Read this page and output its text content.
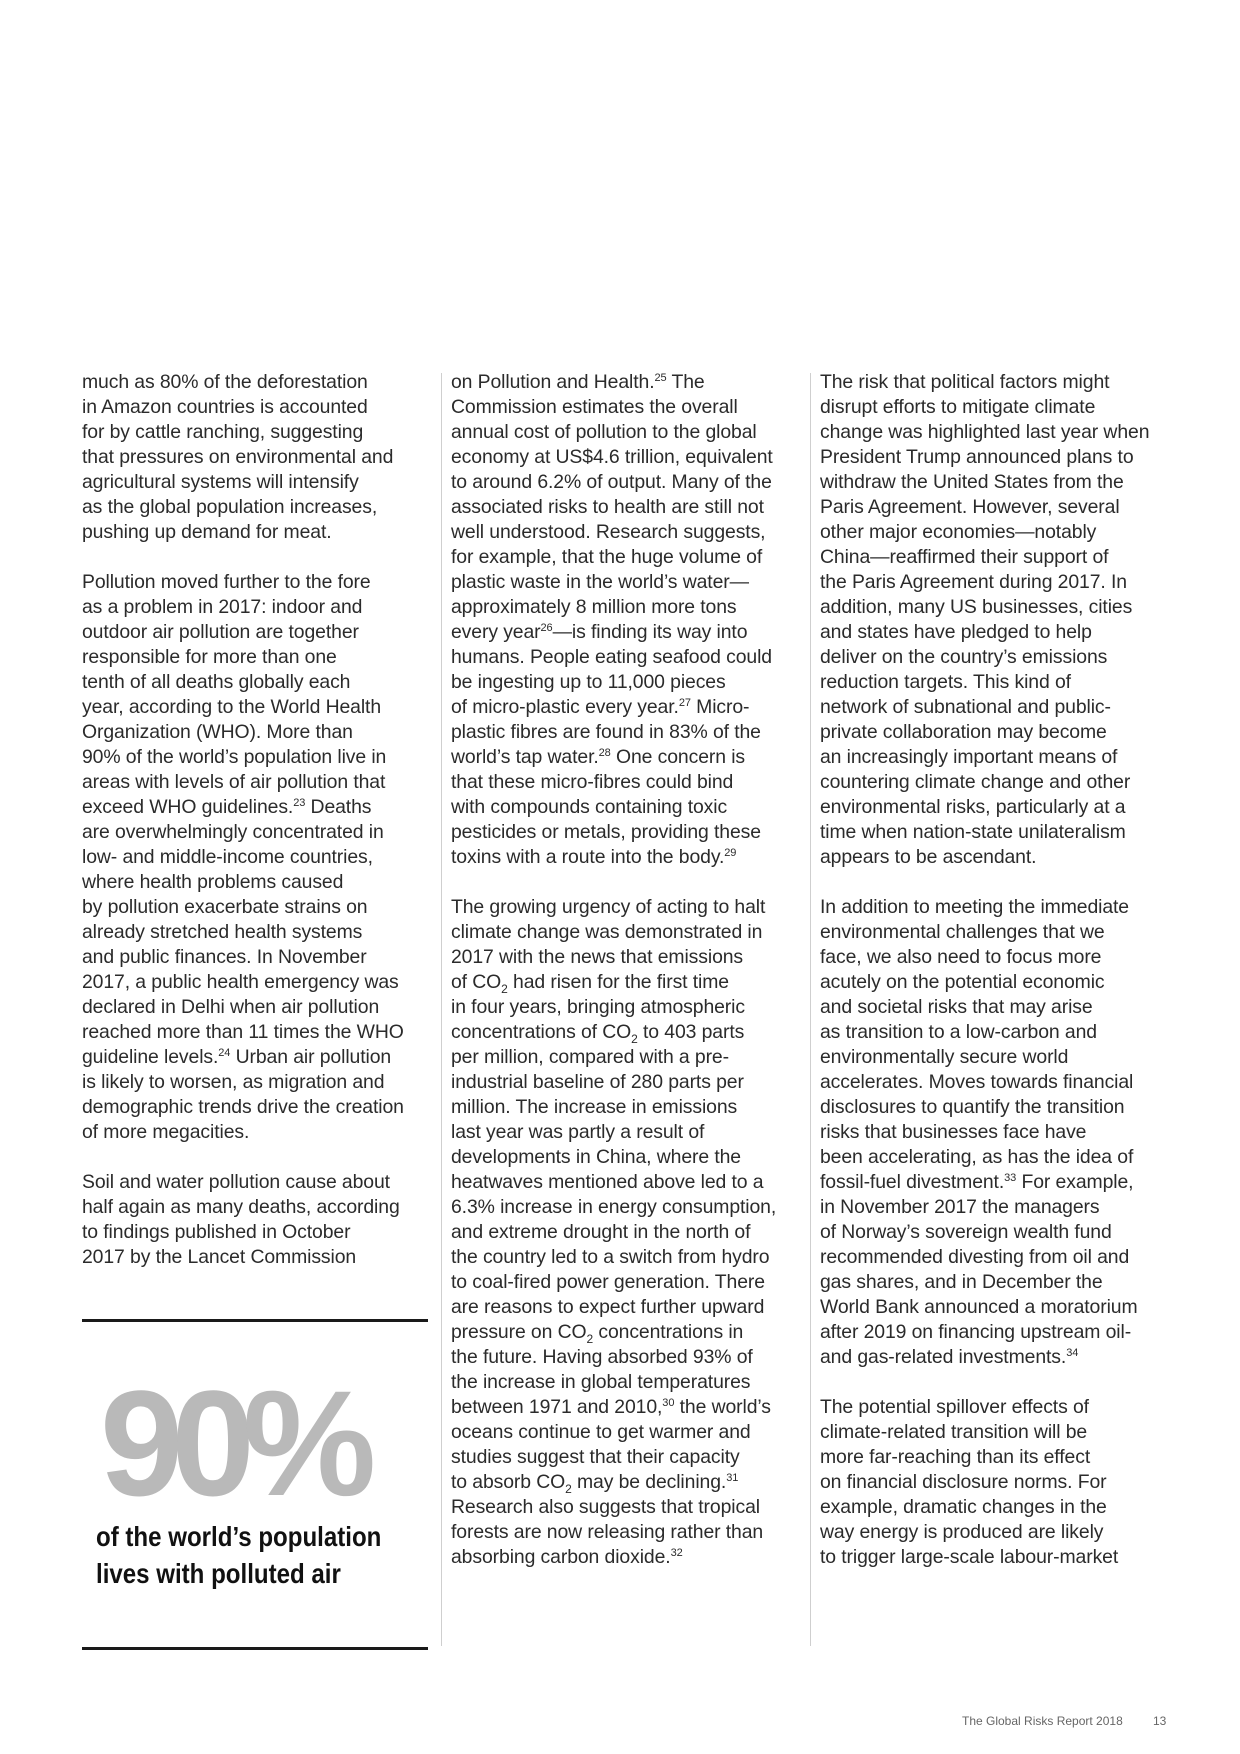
much as 80% of the deforestation
in Amazon countries is accounted
for by cattle ranching, suggesting
that pressures on environmental and
agricultural systems will intensify
as the global population increases,
pushing up demand for meat.

Pollution moved further to the fore
as a problem in 2017: indoor and
outdoor air pollution are together
responsible for more than one
tenth of all deaths globally each
year, according to the World Health
Organization (WHO). More than
90% of the world’s population live in
areas with levels of air pollution that
exceed WHO guidelines.$^{23}$ Deaths
are overwhelmingly concentrated in
low- and middle-income countries,
where health problems caused
by pollution exacerbate strains on
already stretched health systems
and public finances. In November
2017, a public health emergency was
declared in Delhi when air pollution
reached more than 11 times the WHO
guideline levels.$^{24}$ Urban air pollution
is likely to worsen, as migration and
demographic trends drive the creation
of more megacities.

Soil and water pollution cause about
half again as many deaths, according
to findings published in October
2017 by the Lancet Commission

on Pollution and Health.$^{25}$ The
Commission estimates the overall
annual cost of pollution to the global
economy at US$4.6 trillion, equivalent
to around 6.2% of output. Many of the
associated risks to health are still not
well understood. Research suggests,
for example, that the huge volume of
plastic waste in the world’s water—
approximately 8 million more tons
every year$^{26}$—is finding its way into
humans. People eating seafood could
be ingesting up to 11,000 pieces
of micro-plastic every year.$^{27}$ Micro-
plastic fibres are found in 83% of the
world’s tap water.$^{28}$ One concern is
that these micro-fibres could bind
with compounds containing toxic
pesticides or metals, providing these
toxins with a route into the body.$^{29}$

The growing urgency of acting to halt
climate change was demonstrated in
2017 with the news that emissions
of $CO_2$ had risen for the first time
in four years, bringing atmospheric
concentrations of $CO_2$ to 403 parts
per million, compared with a pre-
industrial baseline of 280 parts per
million. The increase in emissions
last year was partly a result of
developments in China, where the
heatwaves mentioned above led to a
6.3% increase in energy consumption,
and extreme drought in the north of
the country led to a switch from hydro
to coal-fired power generation. There
are reasons to expect further upward
pressure on $CO_2$ concentrations in
the future. Having absorbed 93% of
the increase in global temperatures
between 1971 and 2010,30 the world’s
oceans continue to get warmer and
studies suggest that their capacity
to absorb $CO_2$ may be declining.$^{31}$
Research also suggests that tropical
forests are now releasing rather than
absorbing carbon dioxide.$^{32}$

The risk that political factors might
disrupt efforts to mitigate climate
change was highlighted last year when
President Trump announced plans to
withdraw the United States from the
Paris Agreement. However, several
other major economies—notably
China—reaffirmed their support of
the Paris Agreement during 2017. In
addition, many US businesses, cities
and states have pledged to help
deliver on the country’s emissions
reduction targets. This kind of
network of subnational and public-
private collaboration may become
an increasingly important means of
countering climate change and other
environmental risks, particularly at a
time when nation-state unilateralism
appears to be ascendant.

In addition to meeting the immediate
environmental challenges that we
face, we also need to focus more
acutely on the potential economic
and societal risks that may arise
as transition to a low-carbon and
environmentally secure world
accelerates. Moves towards financial
disclosures to quantify the transition
risks that businesses face have
been accelerating, as has the idea of
fossil-fuel divestment.$^{33}$ For example,
in November 2017 the managers
of Norway’s sovereign wealth fund
recommended divesting from oil and
gas shares, and in December the
World Bank announced a moratorium
after 2019 on financing upstream oil-
and gas-related investments.$^{34}$

The potential spillover effects of
climate-related transition will be
more far-reaching than its effect
on financial disclosure norms. For
example, dramatic changes in the
way energy is produced are likely
to trigger large-scale labour-market

90%
of the world’s population
lives with polluted air
The Global Risks Report 2018	13
